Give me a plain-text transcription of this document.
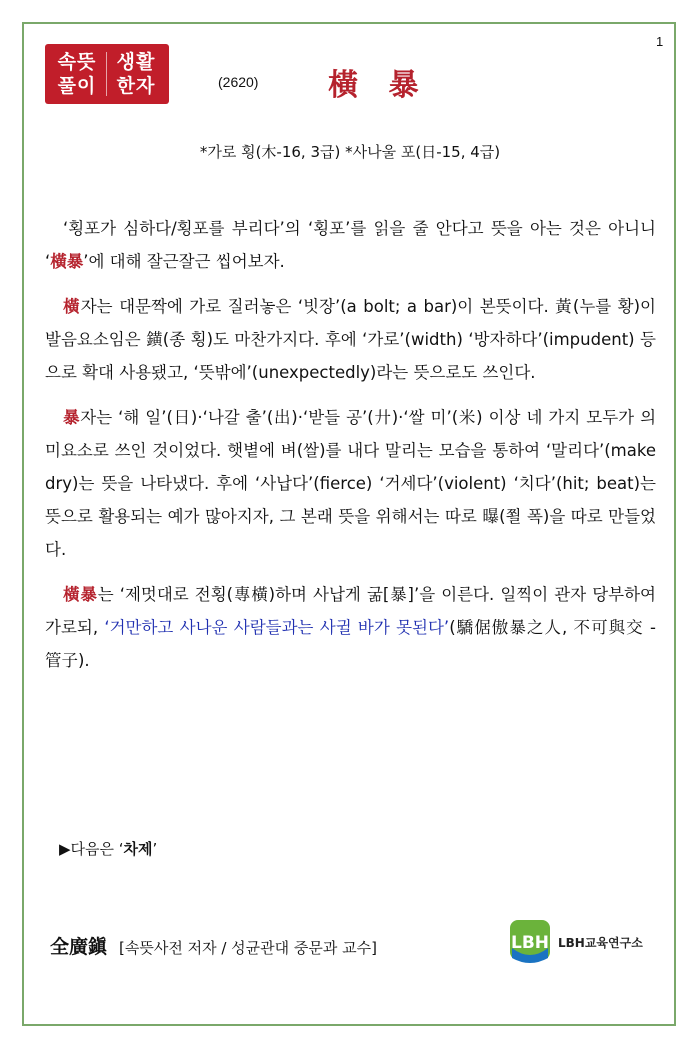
1
속뜻
풀이
생활
한자	(2620) 橫 暴
*가로 횡(木-16, 3급) *사나울 포(日-15, 4급)

‘횡포가 심하다/횡포를 부리다’의 ‘횡포’를 읽을 줄 안다고 뜻을 아는 것은 아니니 ‘橫暴’에 대해 잘근잘근 씹어보자.

橫자는 대문짝에 가로 질러놓은 ‘빗장’(a bolt; a bar)이 본뜻이다. 黃(누를 황)이 발음요소임은 鐄(종 횡)도 마찬가지다. 후에 ‘가로’(width) ‘방자하다’(impudent) 등으로 확대 사용됐고, ‘뜻밖에’(unexpectedly)라는 뜻으로도 쓰인다.

暴자는 ‘해 일’(日)·‘나갈 출’(出)·‘받들 공’(廾)·‘쌀 미’(米) 이상 네 가지 모두가 의미요소로 쓰인 것이었다. 햇볕에 벼(쌀)를 내다 말리는 모습을 통하여 ‘말리다’(make dry)는 뜻을 나타냈다. 후에 ‘사납다’(fierce) ‘거세다’(violent) ‘치다’(hit; beat)는 뜻으로 활용되는 예가 많아지자, 그 본래 뜻을 위해서는 따로 曝(쬘 폭)을 따로 만들었다.

橫暴는 ‘제멋대로 전횡(專橫)하며 사납게 굶[暴]’을 이른다. 일찍이 관자 당부하여 가로되, ‘거만하고 사나운 사람들과는 사귈 바가 못된다’(驕倨傲暴之人, 不可與交 - 管子).

▶다음은 ‘차제’
全廣鎭 [속뜻사전 저자 / 성균관대 중문과 교수]	LBH LBH교육연구소
